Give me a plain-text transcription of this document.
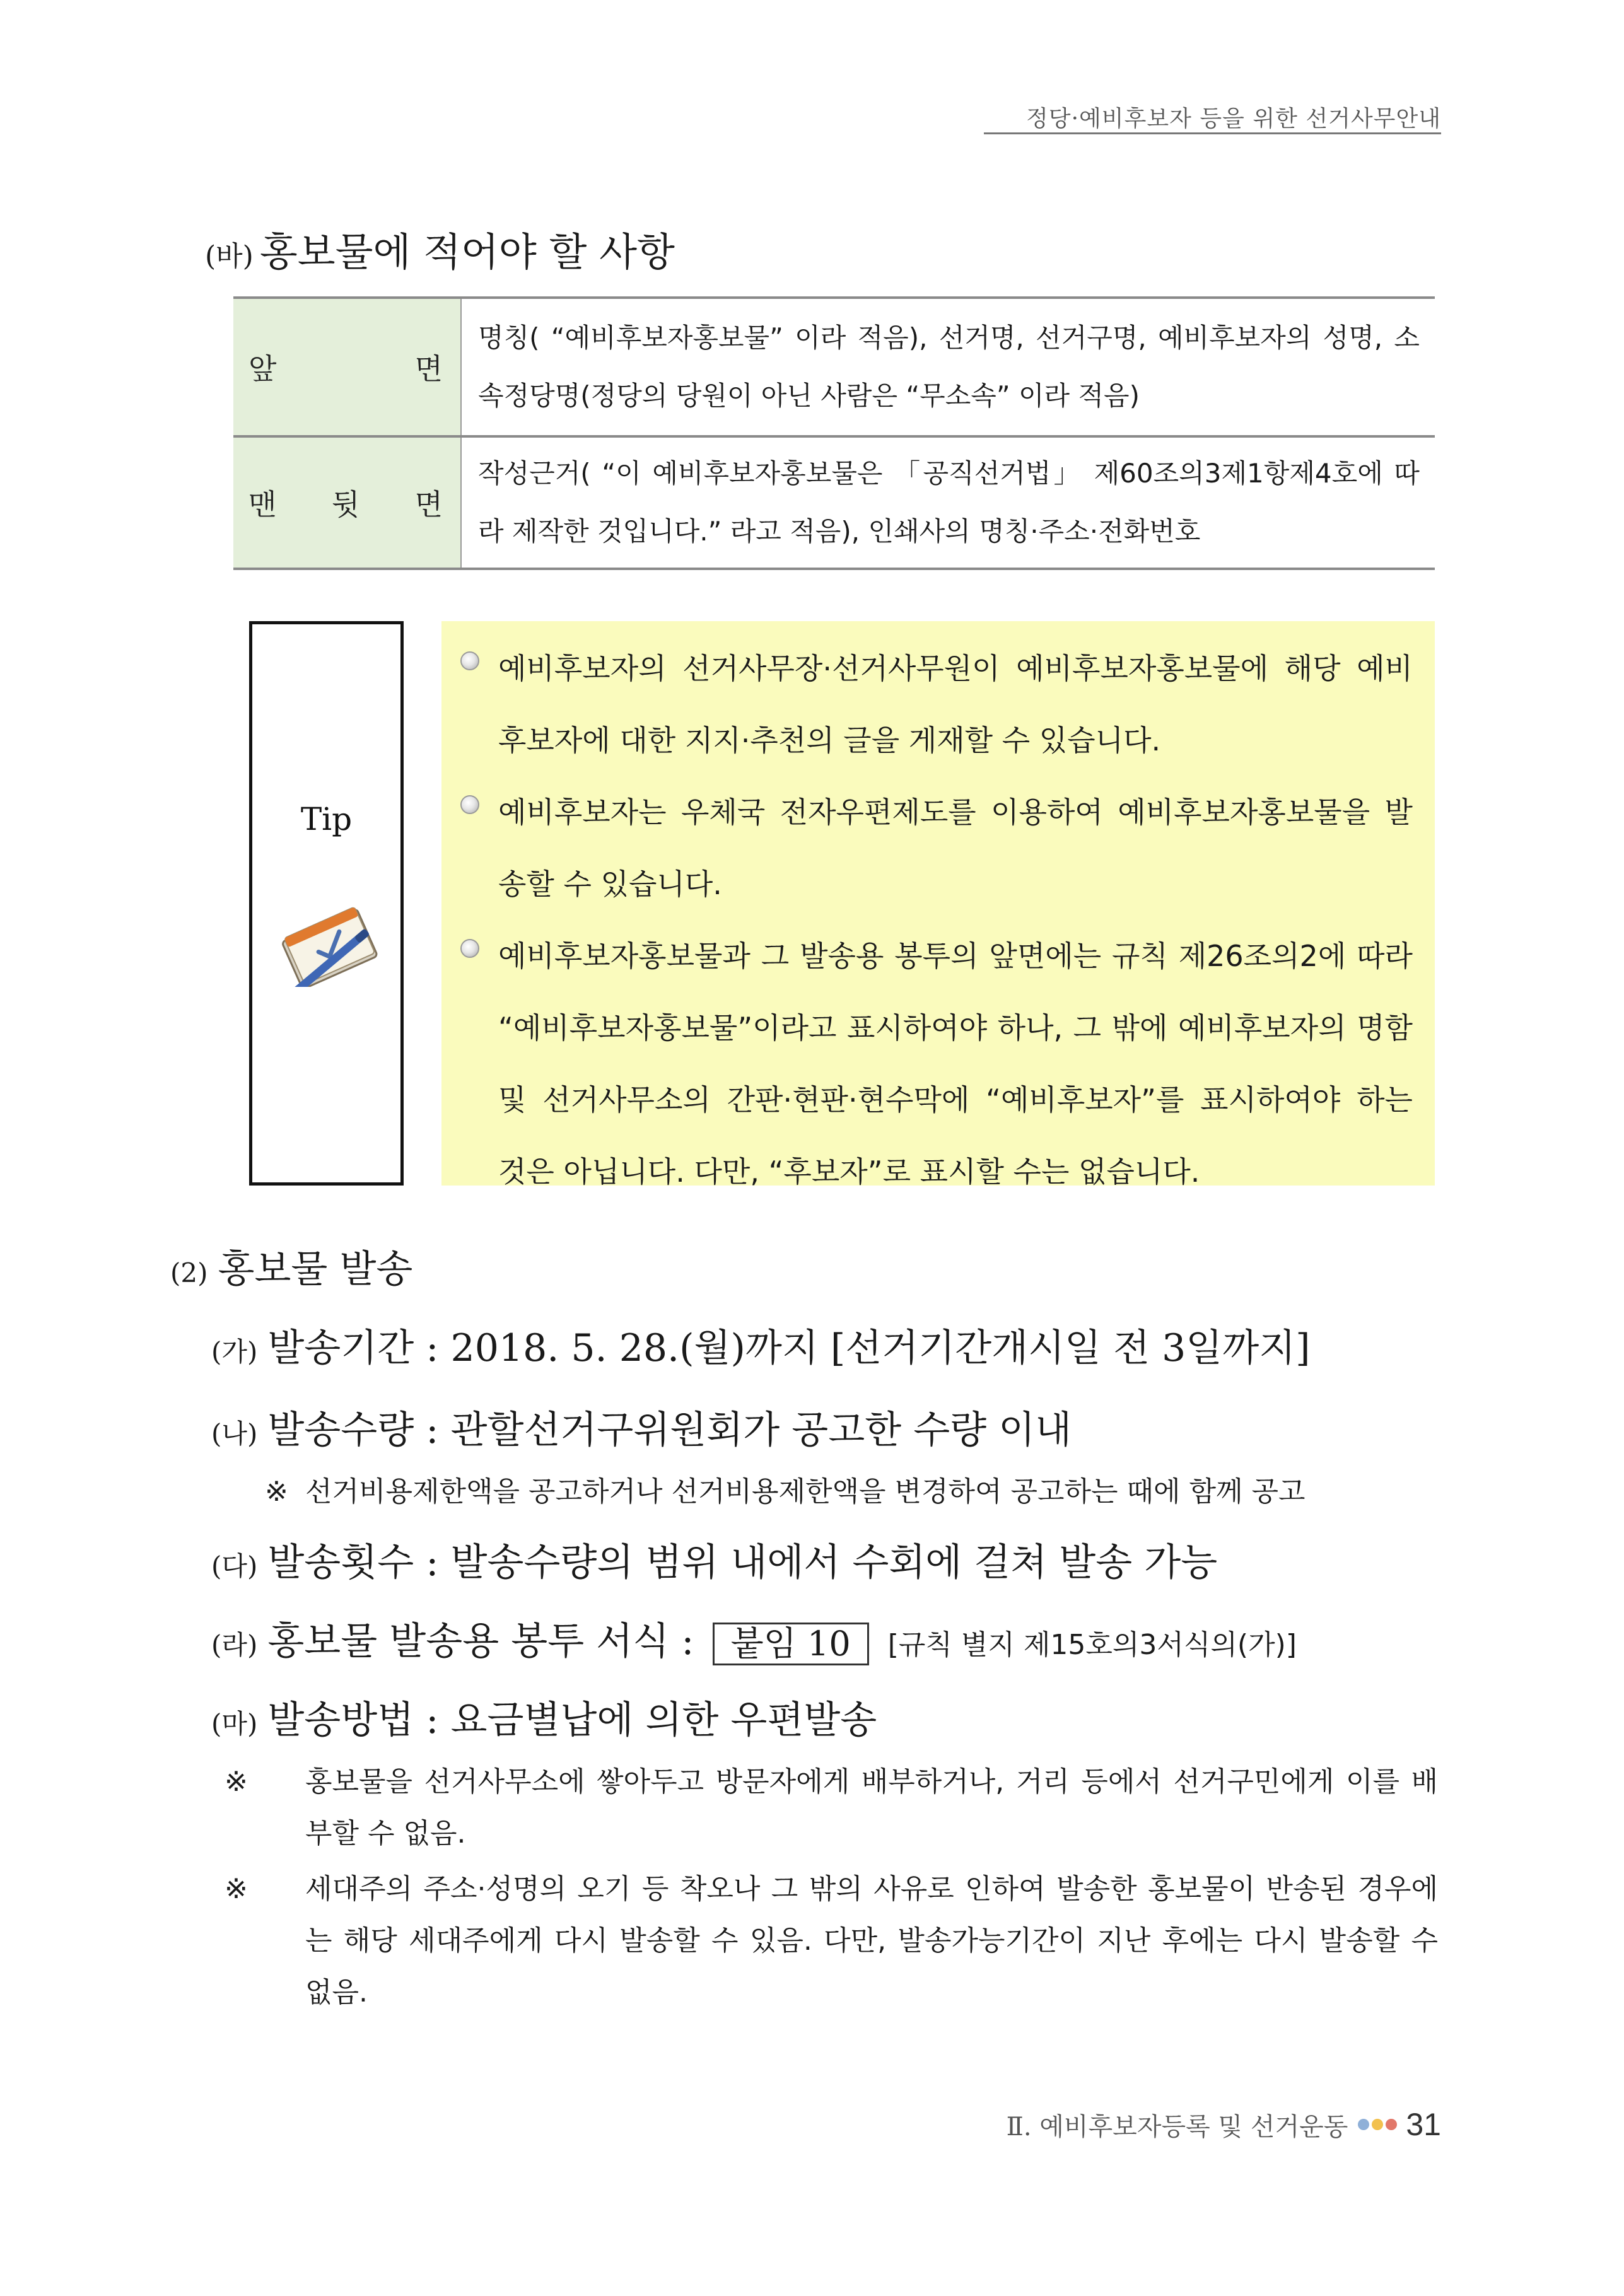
정당·예비후보자 등을 위한 선거사무안내
(바) 홍보물에 적어야 할 사항
앞 면	명칭( “예비후보자홍보물” 이라 적음), 선거명, 선거구명, 예비후보자의 성명, 소속정당명(정당의 당원이 아닌 사람은 “무소속” 이라 적음)

맨 뒷 면	작성근거( “이 예비후보자홍보물은 「공직선거법」 제60조의3제1항제4호에 따라 제작한 것입니다.” 라고 적음), 인쇄사의 명칭·주소·전화번호
Tip
예비후보자의 선거사무장·선거사무원이 예비후보자홍보물에 해당 예비후보자에 대한 지지·추천의 글을 게재할 수 있습니다.
예비후보자는 우체국 전자우편제도를 이용하여 예비후보자홍보물을 발송할 수 있습니다.
예비후보자홍보물과 그 발송용 봉투의 앞면에는 규칙 제26조의2에 따라 “예비후보자홍보물”이라고 표시하여야 하나, 그 밖에 예비후보자의 명함 및 선거사무소의 간판·현판·현수막에 “예비후보자”를 표시하여야 하는 것은 아닙니다. 다만, “후보자”로 표시할 수는 없습니다.
(2) 홍보물 발송
(가) 발송기간 : 2018. 5. 28.(월)까지 [선거기간개시일 전 3일까지]
(나) 발송수량 : 관할선거구위원회가 공고한 수량 이내
※ 선거비용제한액을 공고하거나 선거비용제한액을 변경하여 공고하는 때에 함께 공고
(다) 발송횟수 : 발송수량의 범위 내에서 수회에 걸쳐 발송 가능
(라) 홍보물 발송용 봉투 서식 : 붙임 10 [규칙 별지 제15호의3서식의(가)]
(마) 발송방법 : 요금별납에 의한 우편발송
※ 홍보물을 선거사무소에 쌓아두고 방문자에게 배부하거나, 거리 등에서 선거구민에게 이를 배부할 수 없음.
※ 세대주의 주소·성명의 오기 등 착오나 그 밖의 사유로 인하여 발송한 홍보물이 반송된 경우에는 해당 세대주에게 다시 발송할 수 있음. 다만, 발송가능기간이 지난 후에는 다시 발송할 수 없음.
Ⅱ. 예비후보자등록 및 선거운동 31
